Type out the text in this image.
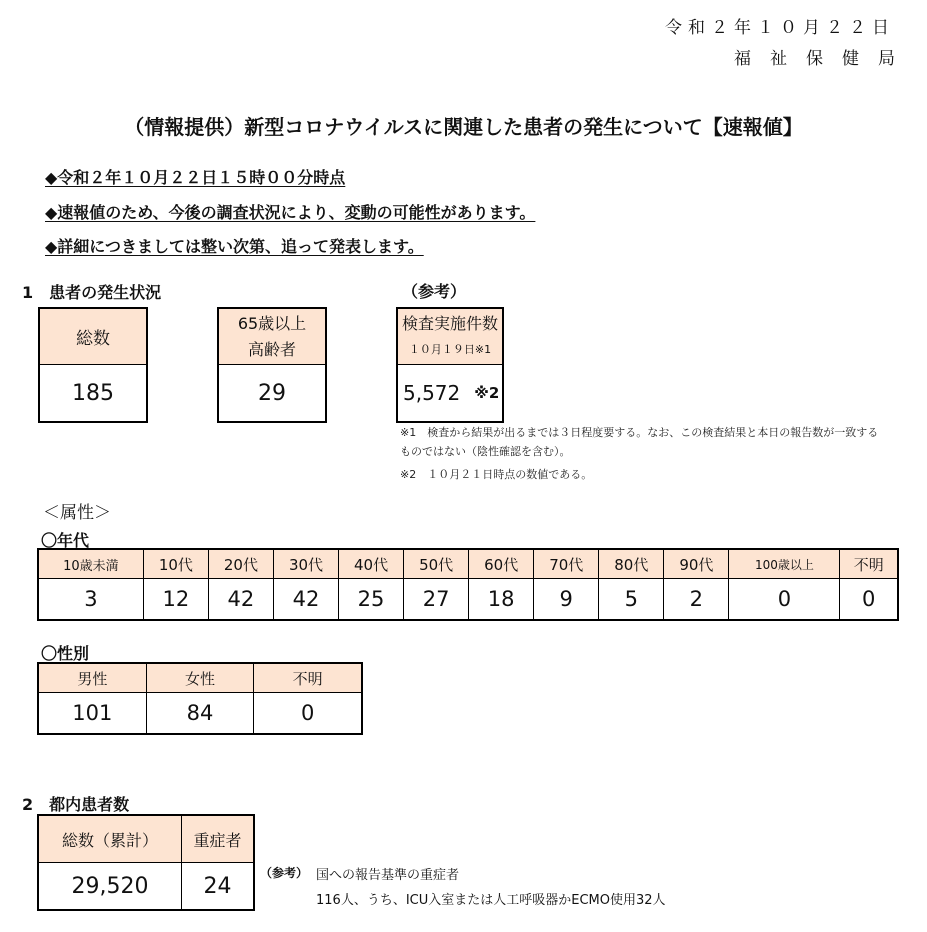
令和２年１０月２２日
福祉保健局
（情報提供）新型コロナウイルスに関連した患者の発生について【速報値】
◆令和２年１０月２２日１５時００分時点
◆速報値のため、今後の調査状況により、変動の可能性があります。
◆詳細につきましては整い次第、追って発表します。
1　患者の発生状況	（参考）
総数
185
65歳以上
高齢者
29
検査実施件数
１０月１９日※1
5,572 ※2
※1　検査から結果が出るまでは３日程度要する。なお、この検査結果と本日の報告数が一致する
ものではない（陰性確認を含む）。
※2　１０月２１日時点の数値である。
＜属性＞
〇年代
10歳未満	10代	20代	30代	40代	50代	60代	70代	80代	90代	100歳以上	不明
3	12	42	42	25	27	18	9	5	2	0	0
〇性別
男性	女性	不明
101	84	0
2　都内患者数
総数（累計）	重症者
29,520	24
（参考） 国への報告基準の重症者
116人、うち、ICU入室または人工呼吸器かECMO使用32人
